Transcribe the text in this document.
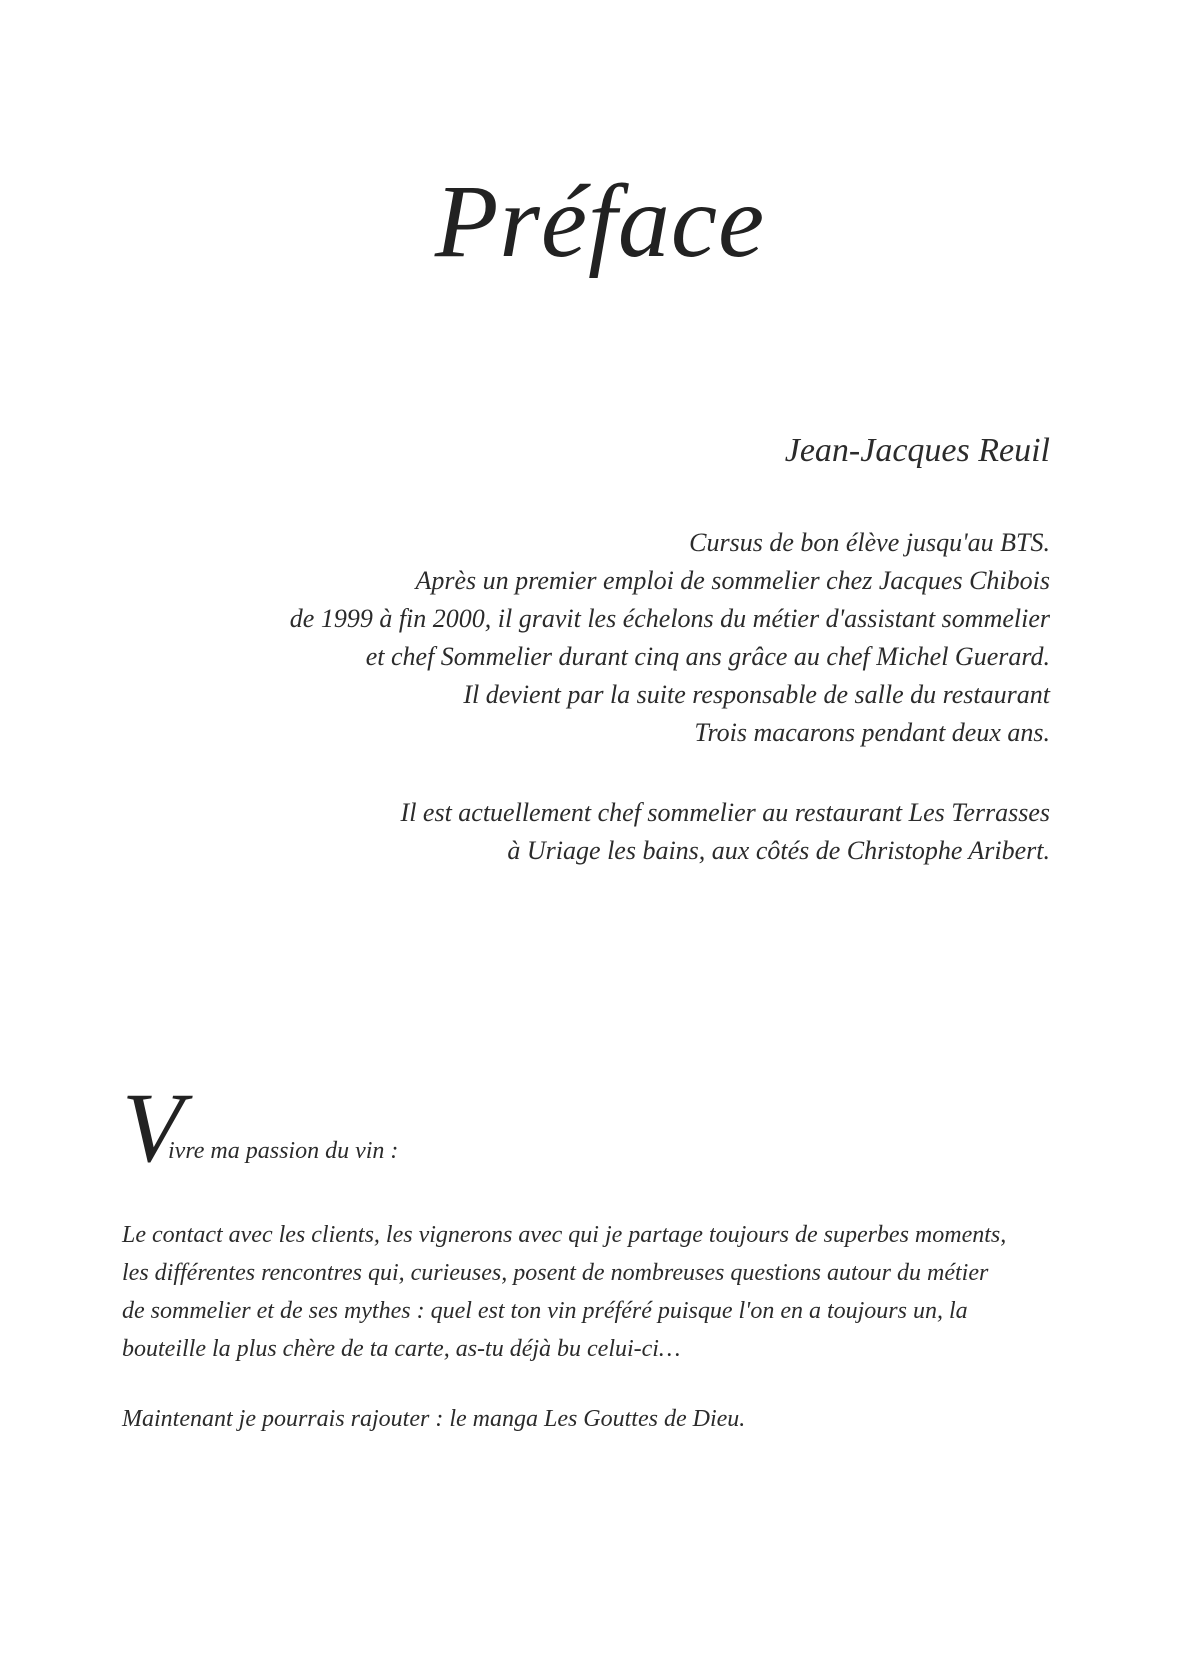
Préface
Jean-Jacques Reuil
Cursus de bon élève jusqu'au BTS.
Après un premier emploi de sommelier chez Jacques Chibois
de 1999 à fin 2000, il gravit les échelons du métier d'assistant sommelier
et chef Sommelier durant cinq ans grâce au chef Michel Guerard.
Il devient par la suite responsable de salle du restaurant
Trois macarons pendant deux ans.
Il est actuellement chef sommelier au restaurant Les Terrasses
à Uriage les bains, aux côtés de Christophe Aribert.
V
ivre ma passion du vin :
Le contact avec les clients, les vignerons avec qui je partage toujours de superbes moments,
les différentes rencontres qui, curieuses, posent de nombreuses questions autour du métier
de sommelier et de ses mythes : quel est ton vin préféré puisque l'on en a toujours un, la
bouteille la plus chère de ta carte, as-tu déjà bu celui-ci…
Maintenant je pourrais rajouter : le manga Les Gouttes de Dieu.
